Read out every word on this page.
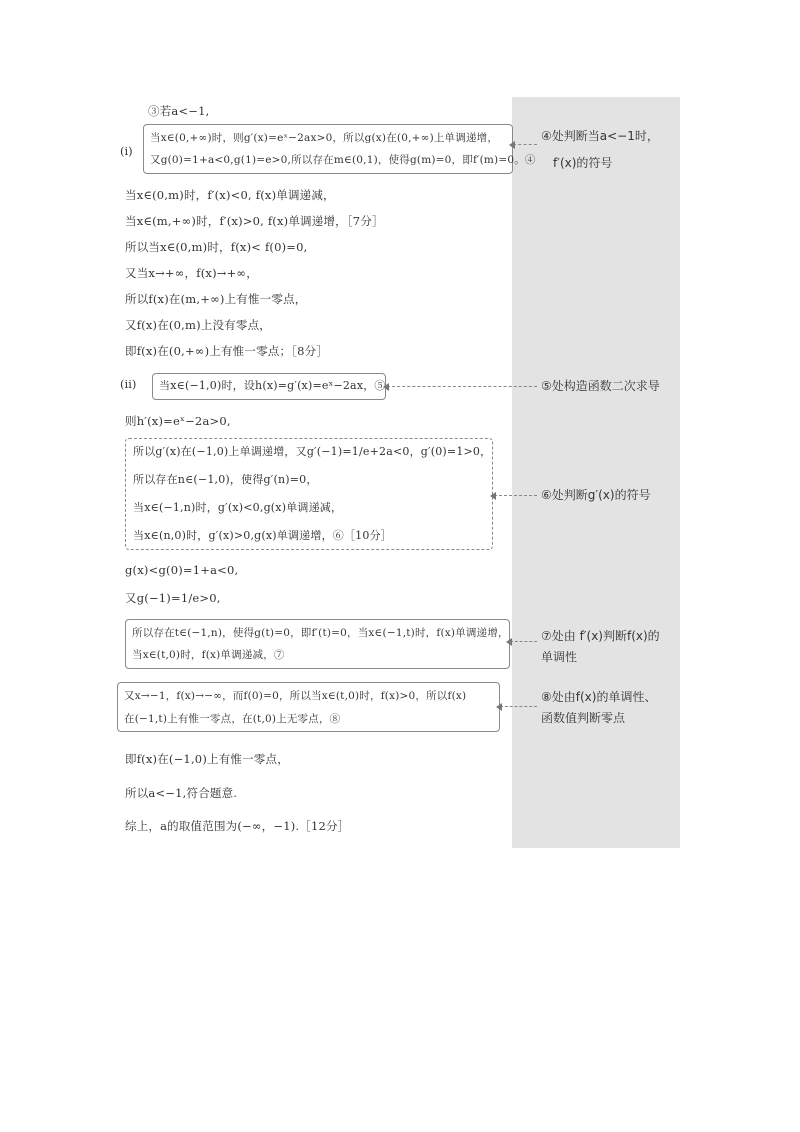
③若a<−1,
(ⅰ)
当x∈(0,+∞)时，则g′(x)=eˣ−2ax>0，所以g(x)在(0,+∞)上单调递增，
又g(0)=1+a<0,g(1)=e>0,所以存在m∈(0,1)，使得g(m)=0，即f′(m)=0。④
④处判断当a<−1时，
f′(x)的符号
当x∈(0,m)时，f′(x)<0, f(x)单调递减，
当x∈(m,+∞)时，f′(x)>0, f(x)单调递增，［7分］
所以当x∈(0,m)时，f(x)< f(0)=0,
又当x→+∞，f(x)→+∞，
所以f(x)在(m,+∞)上有惟一零点，
又f(x)在(0,m)上没有零点，
即f(x)在(0,+∞)上有惟一零点；［8分］
(ⅱ) 当x∈(−1,0)时，设h(x)=g′(x)=eˣ−2ax，⑤	⑤处构造函数二次求导
则h′(x)=eˣ−2a>0,
所以g′(x)在(−1,0)上单调递增，又g′(−1)=1/e+2a<0，g′(0)=1>0，
所以存在n∈(−1,0)，使得g′(n)=0，
当x∈(−1,n)时，g′(x)<0,g(x)单调递减，
当x∈(n,0)时，g′(x)>0,g(x)单调递增，⑥［10分］
⑥处判断g′(x)的符号
g(x)<g(0)=1+a<0,
又g(−1)=1/e>0,
所以存在t∈(−1,n)，使得g(t)=0，即f′(t)=0，当x∈(−1,t)时，f(x)单调递增，
当x∈(t,0)时，f(x)单调递减，⑦
⑦处由 f′(x)判断f(x)的
单调性
又x→−1，f(x)→−∞，而f(0)=0，所以当x∈(t,0)时，f(x)>0，所以f(x)
在(−1,t)上有惟一零点，在(t,0)上无零点，⑧
⑧处由f(x)的单调性、
函数值判断零点
即f(x)在(−1,0)上有惟一零点，
所以a<−1,符合题意.
综上，a的取值范围为(−∞，−1).［12分］
